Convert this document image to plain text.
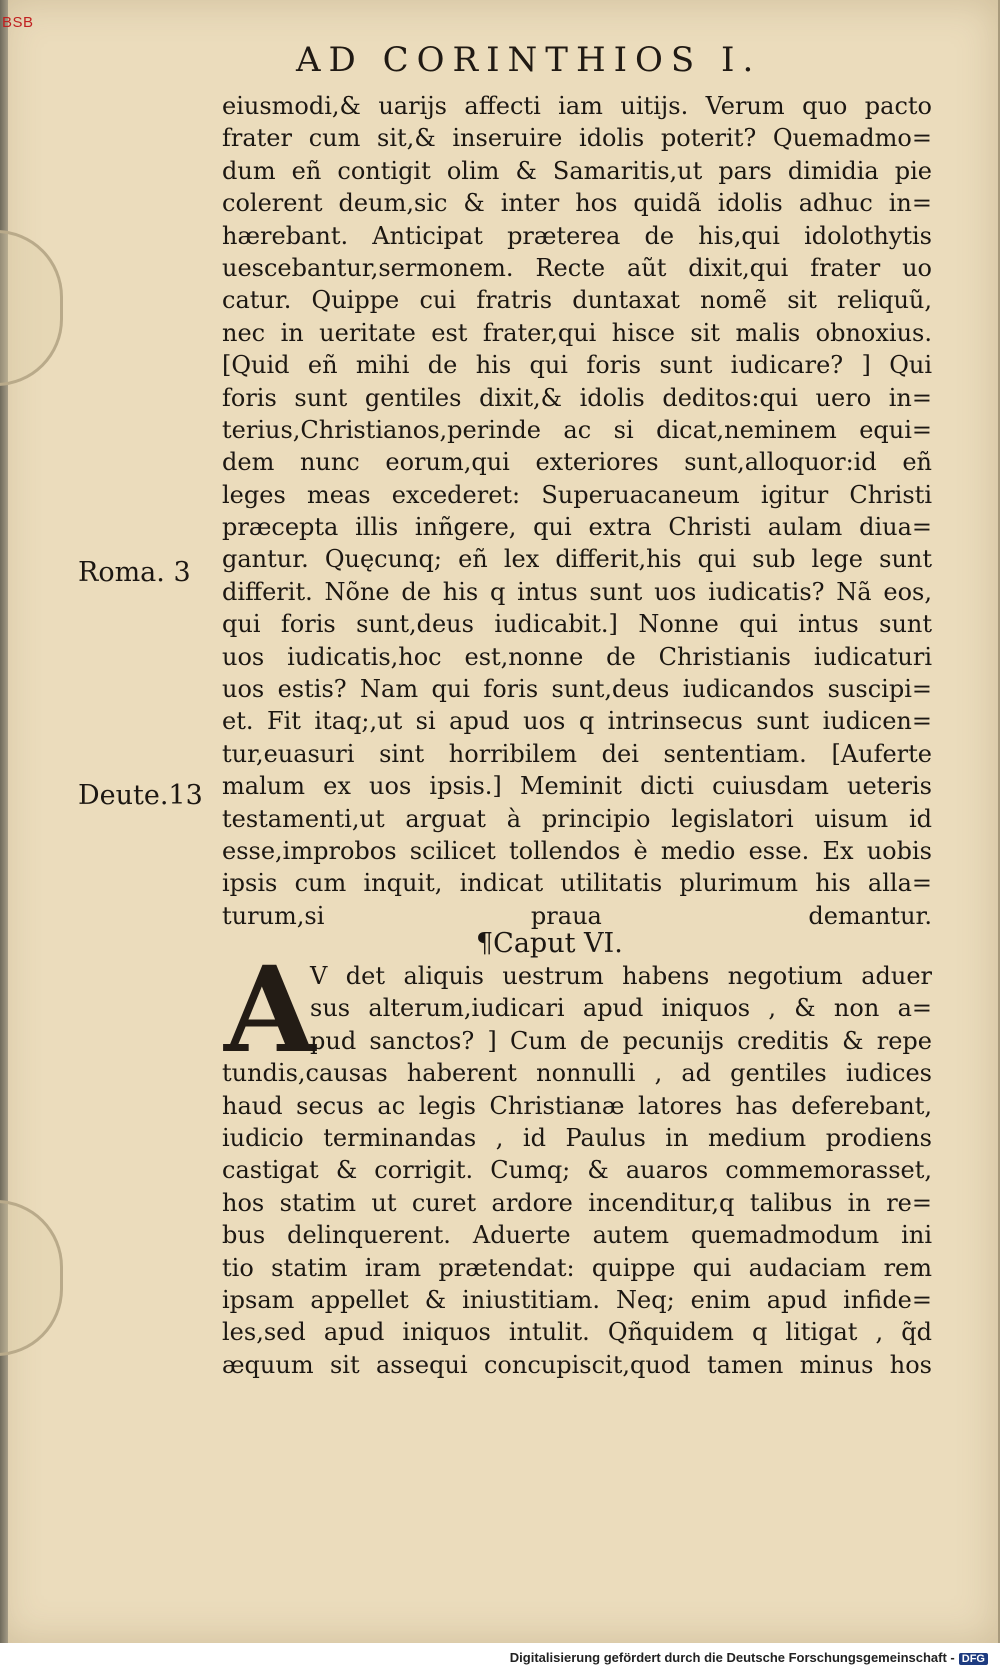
BSB
AD CORINTHIOS I.
eiusmodi,& uarijs affecti iam uitijs. Verum quo pacto
frater cum sit,& inseruire idolis poterit? Quemadmo=
dum eñ contigit olim & Samaritis,ut pars dimidia pie
colerent deum,sic & inter hos quidã idolis adhuc in=
hærebant. Anticipat præterea de his,qui idolothytis
uescebantur,sermonem. Recte aũt dixit,qui frater uo
catur. Quippe cui fratris duntaxat nomẽ sit reliquũ,
nec in ueritate est frater,qui hisce sit malis obnoxius.
[Quid eñ mihi de his qui foris sunt iudicare? ] Qui
foris sunt gentiles dixit,& idolis deditos:qui uero in=
terius,Christianos,perinde ac si dicat,neminem equi=
dem nunc eorum,qui exteriores sunt,alloquor:id eñ
leges meas excederet: Superuacaneum igitur Christi
præcepta illis inñgere, qui extra Christi aulam diua=
gantur. Quęcunq; eñ lex differit,his qui sub lege sunt
differit. Nõne de his q intus sunt uos iudicatis? Nã eos,
qui foris sunt,deus iudicabit.] Nonne qui intus sunt
uos iudicatis,hoc est,nonne de Christianis iudicaturi
uos estis? Nam qui foris sunt,deus iudicandos suscipi=
et. Fit itaq;,ut si apud uos q intrinsecus sunt iudicen=
tur,euasuri sint horribilem dei sententiam. [Auferte
malum ex uos ipsis.] Meminit dicti cuiusdam ueteris
testamenti,ut arguat à principio legislatori uisum id
esse,improbos scilicet tollendos è medio esse. Ex uobis
ipsis cum inquit, indicat utilitatis plurimum his alla=
turum,si praua demantur.
Roma. 3
Deute.13
¶Caput VI.
A
V det aliquis uestrum habens negotium aduer
sus alterum,iudicari apud iniquos , & non a=
pud sanctos? ] Cum de pecunijs creditis & repe
tundis,causas haberent nonnulli , ad gentiles iudices
haud secus ac legis Christianæ latores has deferebant,
iudicio terminandas , id Paulus in medium prodiens
castigat & corrigit. Cumq; & auaros commemorasset,
hos statim ut curet ardore incenditur,q talibus in re=
bus delinquerent. Aduerte autem quemadmodum ini
tio statim iram prætendat: quippe qui audaciam rem
ipsam appellet & iniustitiam. Neq; enim apud infide=
les,sed apud iniquos intulit. Qñquidem q litigat , q̃d
æquum sit assequi concupiscit,quod tamen minus hos
Digitalisierung gefördert durch die Deutsche Forschungsgemeinschaft - DFG
